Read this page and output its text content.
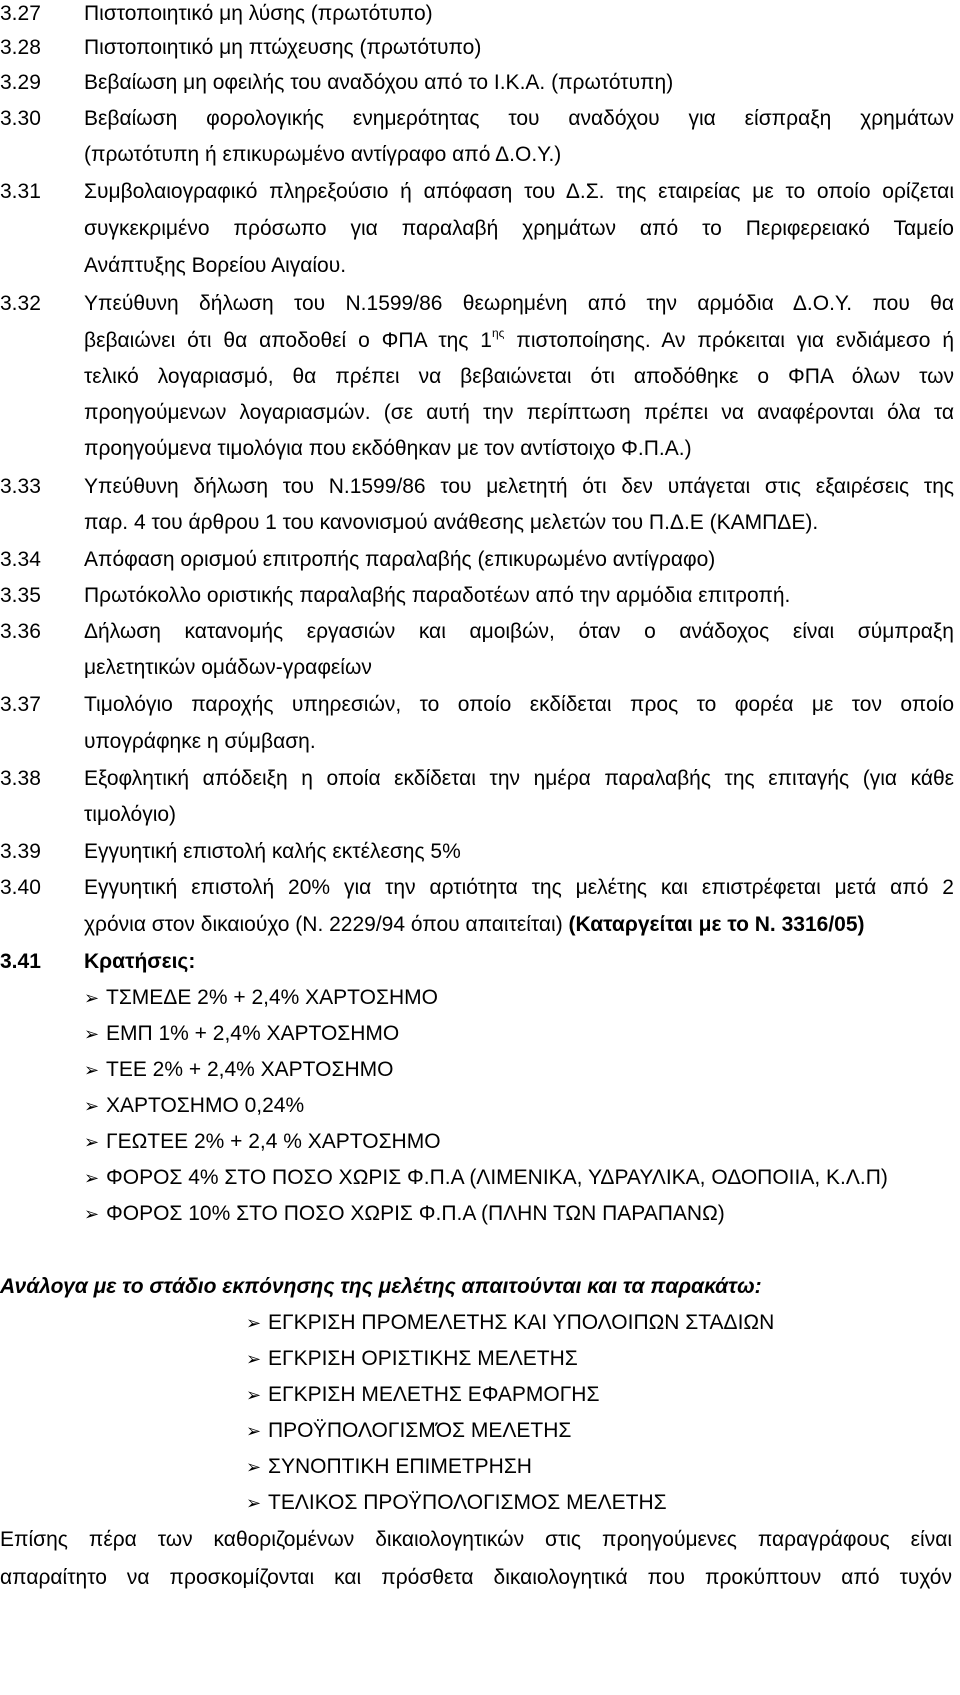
3.27	Πιστοποιητικό μη λύσης (πρωτότυπο)
3.28	Πιστοποιητικό μη πτώχευσης (πρωτότυπο)
3.29	Βεβαίωση μη οφειλής του αναδόχου από το Ι.Κ.Α. (πρωτότυπη)
3.30	Βεβαίωση φορολογικής ενημερότητας του αναδόχου για είσπραξη χρημάτων
(πρωτότυπη ή επικυρωμένο αντίγραφο από Δ.Ο.Υ.)
3.31	Συμβολαιογραφικό πληρεξούσιο ή απόφαση του Δ.Σ. της εταιρείας με το οποίο ορίζεται
συγκεκριμένο πρόσωπο για παραλαβή χρημάτων από το Περιφερειακό Ταμείο
Ανάπτυξης Βορείου Αιγαίου.
3.32	Υπεύθυνη δήλωση του Ν.1599/86 θεωρημένη από την αρμόδια Δ.Ο.Υ. που θα
βεβαιώνει ότι θα αποδοθεί ο ΦΠΑ της $1^{\eta\varsigma}$ πιστοποίησης. Αν πρόκειται για ενδιάμεσο ή
τελικό λογαριασμό, θα πρέπει να βεβαιώνεται ότι αποδόθηκε ο ΦΠΑ όλων των
προηγούμενων λογαριασμών. (σε αυτή την περίπτωση πρέπει να αναφέρονται όλα τα
προηγούμενα τιμολόγια που εκδόθηκαν με τον αντίστοιχο Φ.Π.Α.)
3.33	Υπεύθυνη δήλωση του Ν.1599/86 του μελετητή ότι δεν υπάγεται στις εξαιρέσεις της
παρ. 4 του άρθρου 1 του κανονισμού ανάθεσης μελετών του Π.Δ.Ε (ΚΑΜΠΔΕ).
3.34	Απόφαση ορισμού επιτροπής παραλαβής (επικυρωμένο αντίγραφο)
3.35	Πρωτόκολλο οριστικής παραλαβής παραδοτέων από την αρμόδια επιτροπή.
3.36	Δήλωση κατανομής εργασιών και αμοιβών, όταν ο ανάδοχος είναι σύμπραξη
μελετητικών ομάδων-γραφείων
3.37	Τιμολόγιο παροχής υπηρεσιών, το οποίο εκδίδεται προς το φορέα με τον οποίο
υπογράφηκε η σύμβαση.
3.38	Εξοφλητική απόδειξη η οποία εκδίδεται την ημέρα παραλαβής της επιταγής (για κάθε
τιμολόγιο)
3.39	Εγγυητική επιστολή καλής εκτέλεσης 5%
3.40	Εγγυητική επιστολή 20% για την αρτιότητα της μελέτης και επιστρέφεται μετά από 2
χρόνια στον δικαιούχο (Ν. 2229/94 όπου απαιτείται) (Καταργείται με το Ν. 3316/05)
3.41	Κρατήσεις:
➢ ΤΣΜΕΔΕ 2% + 2,4% ΧΑΡΤΟΣΗΜΟ
➢ ΕΜΠ 1% + 2,4% ΧΑΡΤΟΣΗΜΟ
➢ ΤΕΕ 2% + 2,4% ΧΑΡΤΟΣΗΜΟ
➢ ΧΑΡΤΟΣΗΜΟ 0,24%
➢ ΓΕΩΤΕΕ 2% + 2,4 % ΧΑΡΤΟΣΗΜΟ
➢ ΦΟΡΟΣ 4% ΣΤΟ ΠΟΣΟ ΧΩΡΙΣ Φ.Π.Α (ΛΙΜΕΝΙΚΑ, ΥΔΡΑΥΛΙΚΑ, ΟΔΟΠΟΙΙΑ, Κ.Λ.Π)
➢ ΦΟΡΟΣ 10% ΣΤΟ ΠΟΣΟ ΧΩΡΙΣ Φ.Π.Α (ΠΛΗΝ ΤΩΝ ΠΑΡΑΠΑΝΩ)
Ανάλογα με το στάδιο εκπόνησης της μελέτης απαιτούνται και τα παρακάτω:
➢ ΕΓΚΡΙΣΗ ΠΡΟΜΕΛΕΤΗΣ ΚΑΙ ΥΠΟΛΟΙΠΩΝ ΣΤΑΔΙΩΝ
➢ ΕΓΚΡΙΣΗ ΟΡΙΣΤΙΚΗΣ ΜΕΛΕΤΗΣ
➢ ΕΓΚΡΙΣΗ ΜΕΛΕΤΗΣ ΕΦΑΡΜΟΓΗΣ
➢ ΠΡΟΫΠΟΛΟΓΙΣΜΌΣ ΜΕΛΕΤΗΣ
➢ ΣΥΝΟΠΤΙΚΗ ΕΠΙΜΕΤΡΗΣΗ
➢ ΤΕΛΙΚΟΣ ΠΡΟΫΠΟΛΟΓΙΣΜΟΣ ΜΕΛΕΤΗΣ
Επίσης πέρα των καθοριζομένων δικαιολογητικών στις προηγούμενες παραγράφους είναι
απαραίτητο να προσκομίζονται και πρόσθετα δικαιολογητικά που προκύπτουν από τυχόν
